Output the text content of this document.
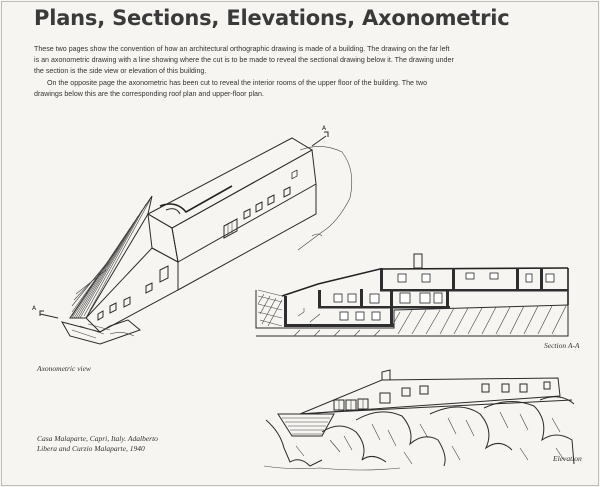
Plans, Sections, Elevations, Axonometric

These two pages show the convention of how an architectural orthographic drawing is made of a building. The drawing on the far left is an axonometric drawing with a line showing where the cut is to be made to reveal the sectional drawing below it. The drawing under the section is the side view or elevation of this building.

On the opposite page the axonometric has been cut to reveal the interior rooms of the upper floor of the building. The two drawings below this are the corresponding roof plan and upper-floor plan.

A
A
Axonometric view
Section A-A
Elevation
Casa Malaparte, Capri, Italy. Adalberto Libera and Curzio Malaparte, 1940
